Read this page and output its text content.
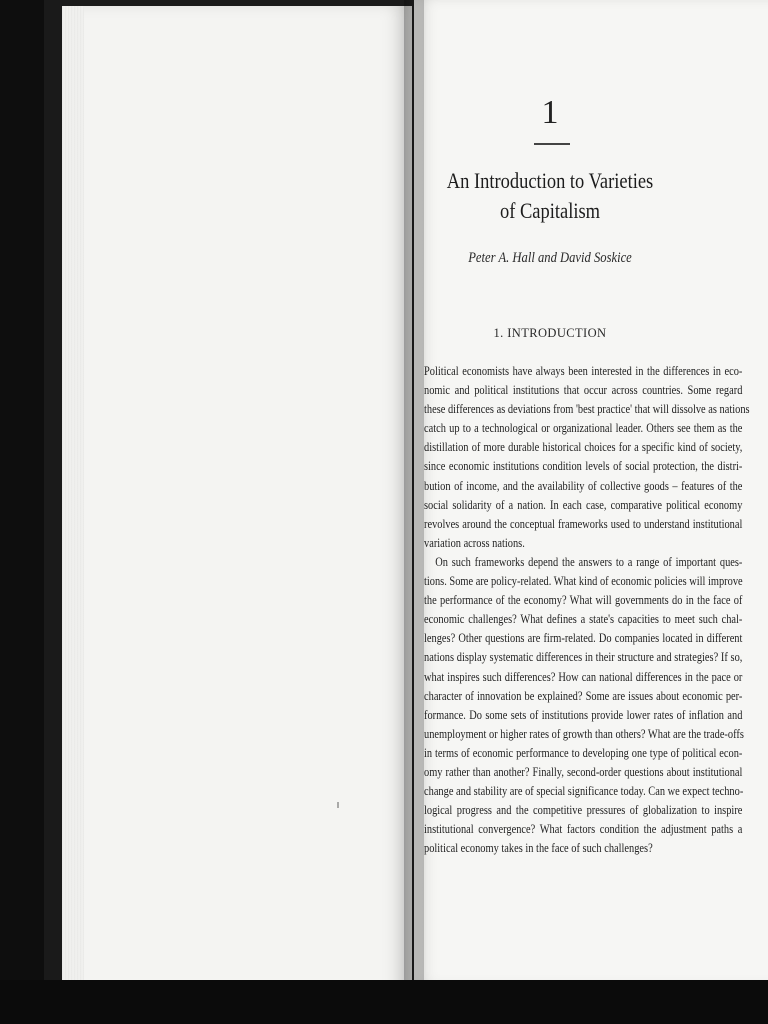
1
An Introduction to Varieties
of Capitalism
Peter A. Hall and David Soskice
1. INTRODUCTION
Political economists have always been interested in the differences in eco-
nomic and political institutions that occur across countries. Some regard
these differences as deviations from 'best practice' that will dissolve as nations
catch up to a technological or organizational leader. Others see them as the
distillation of more durable historical choices for a specific kind of society,
since economic institutions condition levels of social protection, the distri-
bution of income, and the availability of collective goods – features of the
social solidarity of a nation. In each case, comparative political economy
revolves around the conceptual frameworks used to understand institutional
variation across nations.
On such frameworks depend the answers to a range of important ques-
tions. Some are policy-related. What kind of economic policies will improve
the performance of the economy? What will governments do in the face of
economic challenges? What defines a state's capacities to meet such chal-
lenges? Other questions are firm-related. Do companies located in different
nations display systematic differences in their structure and strategies? If so,
what inspires such differences? How can national differences in the pace or
character of innovation be explained? Some are issues about economic per-
formance. Do some sets of institutions provide lower rates of inflation and
unemployment or higher rates of growth than others? What are the trade-offs
in terms of economic performance to developing one type of political econ-
omy rather than another? Finally, second-order questions about institutional
change and stability are of special significance today. Can we expect techno-
logical progress and the competitive pressures of globalization to inspire
institutional convergence? What factors condition the adjustment paths a
political economy takes in the face of such challenges?
